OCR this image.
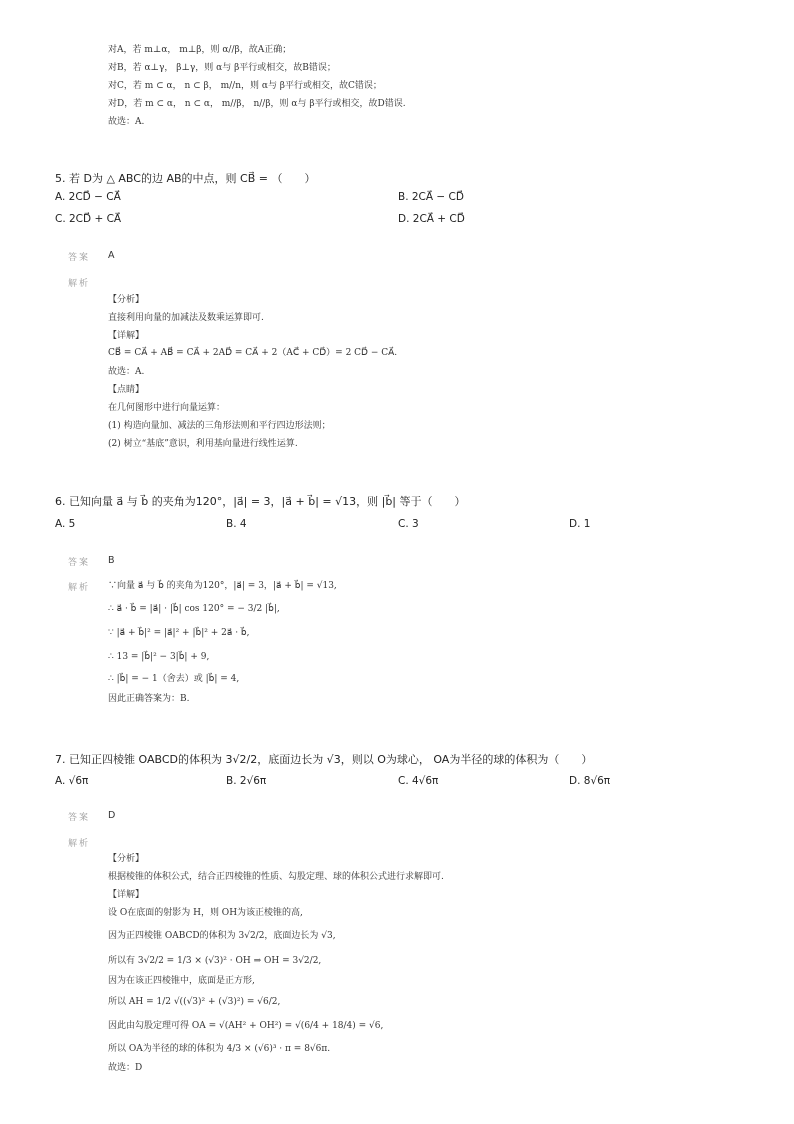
对A，若 m⊥α， m⊥β，则 α//β，故A正确；
对B，若 α⊥γ， β⊥γ，则 α与 β平行或相交，故B错误；
对C，若 m ⊂ α， n ⊂ β， m//n，则 α与 β平行或相交，故C错误；
对D，若 m ⊂ α， n ⊂ α， m//β， n//β，则 α与 β平行或相交，故D错误.
故选：A.
5. 若 D为 △ ABC的边 AB的中点，则 CB⃗ = （　　）
A. 2CD⃗ − CA⃗	B. 2CA⃗ − CD⃗
C. 2CD⃗ + CA⃗	D. 2CA⃗ + CD⃗
答案 A
解析
【分析】
直接利用向量的加减法及数乘运算即可.
【详解】
CB⃗ = CA⃗ + AB⃗ = CA⃗ + 2AD⃗ = CA⃗ + 2（AC⃗ + CD⃗）= 2 CD⃗ − CA⃗.
故选：A.
【点睛】
在几何图形中进行向量运算：
(1) 构造向量加、减法的三角形法则和平行四边形法则；
(2) 树立“基底”意识，利用基向量进行线性运算.
6. 已知向量 a⃗ 与 b⃗ 的夹角为120°，|a⃗| = 3，|a⃗ + b⃗| = √13，则 |b⃗| 等于（　　）
A. 5	B. 4	C. 3	D. 1
答案 B
解析 ∵向量 a⃗ 与 b⃗ 的夹角为120°，|a⃗| = 3，|a⃗ + b⃗| = √13,
∴ a⃗ · b⃗ = |a⃗| · |b⃗| cos 120° = − 3/2 |b⃗|,
∵ |a⃗ + b⃗|² = |a⃗|² + |b⃗|² + 2a⃗ · b⃗,
∴ 13 = |b⃗|² − 3|b⃗| + 9,
∴ |b⃗| = − 1（舍去）或 |b⃗| = 4,
因此正确答案为：B.
7. 已知正四棱锥 OABCD的体积为 3√2/2，底面边长为 √3，则以 O为球心， OA为半径的球的体积为（　　）
A. √6π	B. 2√6π	C. 4√6π	D. 8√6π
答案 D
解析
【分析】
根据棱锥的体积公式，结合正四棱锥的性质、勾股定理、球的体积公式进行求解即可.
【详解】
设 O在底面的射影为 H，则 OH为该正棱锥的高,
因为正四棱锥 OABCD的体积为 3√2/2，底面边长为 √3,
所以有 3√2/2 = 1/3 × (√3)² · OH ⇒ OH = 3√2/2,
因为在该正四棱锥中，底面是正方形,
所以 AH = 1/2 √((√3)² + (√3)²) = √6/2,
因此由勾股定理可得 OA = √(AH² + OH²) = √(6/4 + 18/4) = √6,
所以 OA为半径的球的体积为 4/3 × (√6)³ · π = 8√6π.
故选：D
